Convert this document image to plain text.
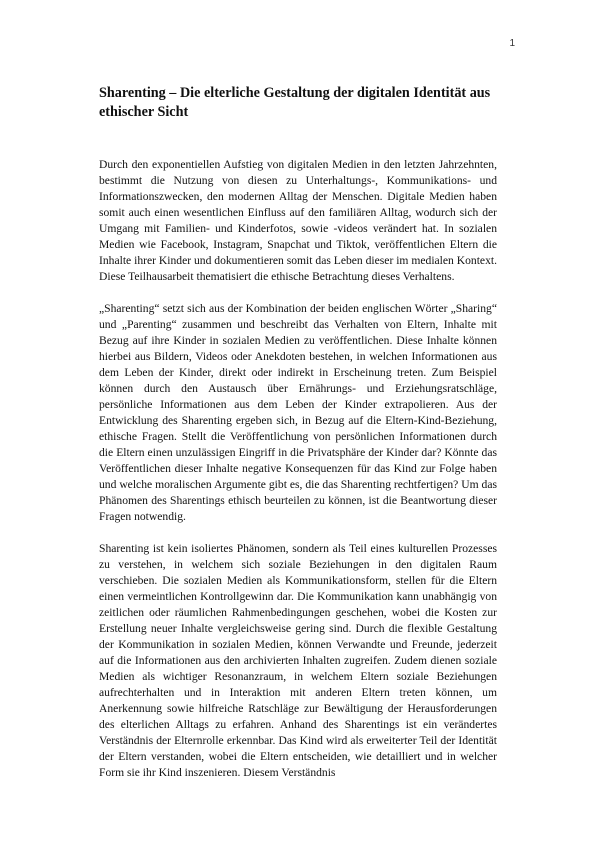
1
Sharenting – Die elterliche Gestaltung der digitalen Identität aus ethischer Sicht

Durch den exponentiellen Aufstieg von digitalen Medien in den letzten Jahrzehnten, bestimmt die Nutzung von diesen zu Unterhaltungs-, Kommunikations- und Informationszwecken, den modernen Alltag der Menschen. Digitale Medien haben somit auch einen wesentlichen Einfluss auf den familiären Alltag, wodurch sich der Umgang mit Familien- und Kinderfotos, sowie -videos verändert hat. In sozialen Medien wie Facebook, Instagram, Snapchat und Tiktok, veröffentlichen Eltern die Inhalte ihrer Kinder und dokumentieren somit das Leben dieser im medialen Kontext. Diese Teilhausarbeit thematisiert die ethische Betrachtung dieses Verhaltens.

„Sharenting“ setzt sich aus der Kombination der beiden englischen Wörter „Sharing“ und „Parenting“ zusammen und beschreibt das Verhalten von Eltern, Inhalte mit Bezug auf ihre Kinder in sozialen Medien zu veröffentlichen. Diese Inhalte können hierbei aus Bildern, Videos oder Anekdoten bestehen, in welchen Informationen aus dem Leben der Kinder, direkt oder indirekt in Erscheinung treten. Zum Beispiel können durch den Austausch über Ernährungs- und Erziehungsratschläge, persönliche Informationen aus dem Leben der Kinder extrapolieren. Aus der Entwicklung des Sharenting ergeben sich, in Bezug auf die Eltern-Kind-Beziehung, ethische Fragen. Stellt die Veröffentlichung von persönlichen Informationen durch die Eltern einen unzulässigen Eingriff in die Privatsphäre der Kinder dar? Könnte das Veröffentlichen dieser Inhalte negative Konsequenzen für das Kind zur Folge haben und welche moralischen Argumente gibt es, die das Sharenting rechtfertigen? Um das Phänomen des Sharentings ethisch beurteilen zu können, ist die Beantwortung dieser Fragen notwendig.

Sharenting ist kein isoliertes Phänomen, sondern als Teil eines kulturellen Prozesses zu verstehen, in welchem sich soziale Beziehungen in den digitalen Raum verschieben. Die sozialen Medien als Kommunikationsform, stellen für die Eltern einen vermeintlichen Kontrollgewinn dar. Die Kommunikation kann unabhängig von zeitlichen oder räumlichen Rahmenbedingungen geschehen, wobei die Kosten zur Erstellung neuer Inhalte vergleichsweise gering sind. Durch die flexible Gestaltung der Kommunikation in sozialen Medien, können Verwandte und Freunde, jederzeit auf die Informationen aus den archivierten Inhalten zugreifen. Zudem dienen soziale Medien als wichtiger Resonanzraum, in welchem Eltern soziale Beziehungen aufrechterhalten und in Interaktion mit anderen Eltern treten können, um Anerkennung sowie hilfreiche Ratschläge zur Bewältigung der Herausforderungen des elterlichen Alltags zu erfahren. Anhand des Sharentings ist ein verändertes Verständnis der Elternrolle erkennbar. Das Kind wird als erweiterter Teil der Identität der Eltern verstanden, wobei die Eltern entscheiden, wie detailliert und in welcher Form sie ihr Kind inszenieren. Diesem Verständnis
